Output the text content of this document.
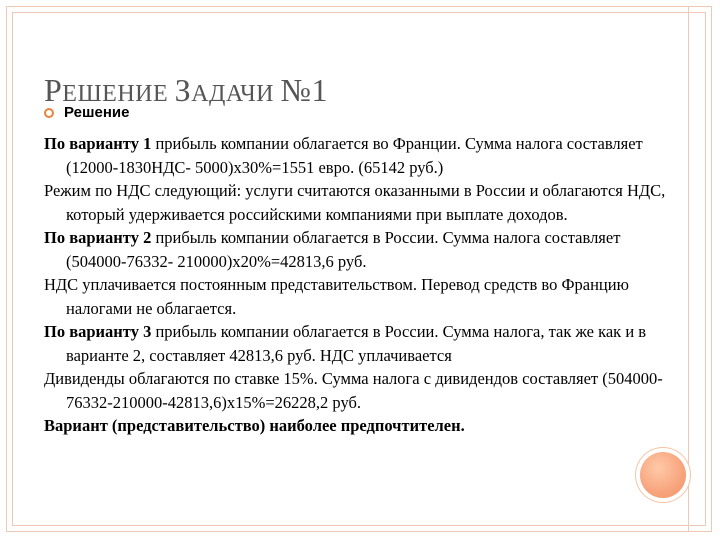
РЕШЕНИЕ ЗАДАЧИ №1
Решение

По варианту 1 прибыль компании облагается во Франции. Сумма налога составляет (12000-1830НДС- 5000)х30%=1551 евро. (65142 руб.)

Режим по НДС следующий: услуги считаются оказанными в России и облагаются НДС, который удерживается российскими компаниями при выплате доходов.

По варианту 2 прибыль компании облагается в России. Сумма налога составляет (504000-76332- 210000)х20%=42813,6 руб.

НДС уплачивается постоянным представительством. Перевод средств во Францию налогами не облагается.

По варианту 3 прибыль компании облагается в России. Сумма налога, так же как и в варианте 2, составляет 42813,6 руб. НДС уплачивается

Дивиденды облагаются по ставке 15%. Сумма налога с дивидендов составляет (504000-76332-210000-42813,6)х15%=26228,2 руб.

Вариант (представительство) наиболее предпочтителен.
